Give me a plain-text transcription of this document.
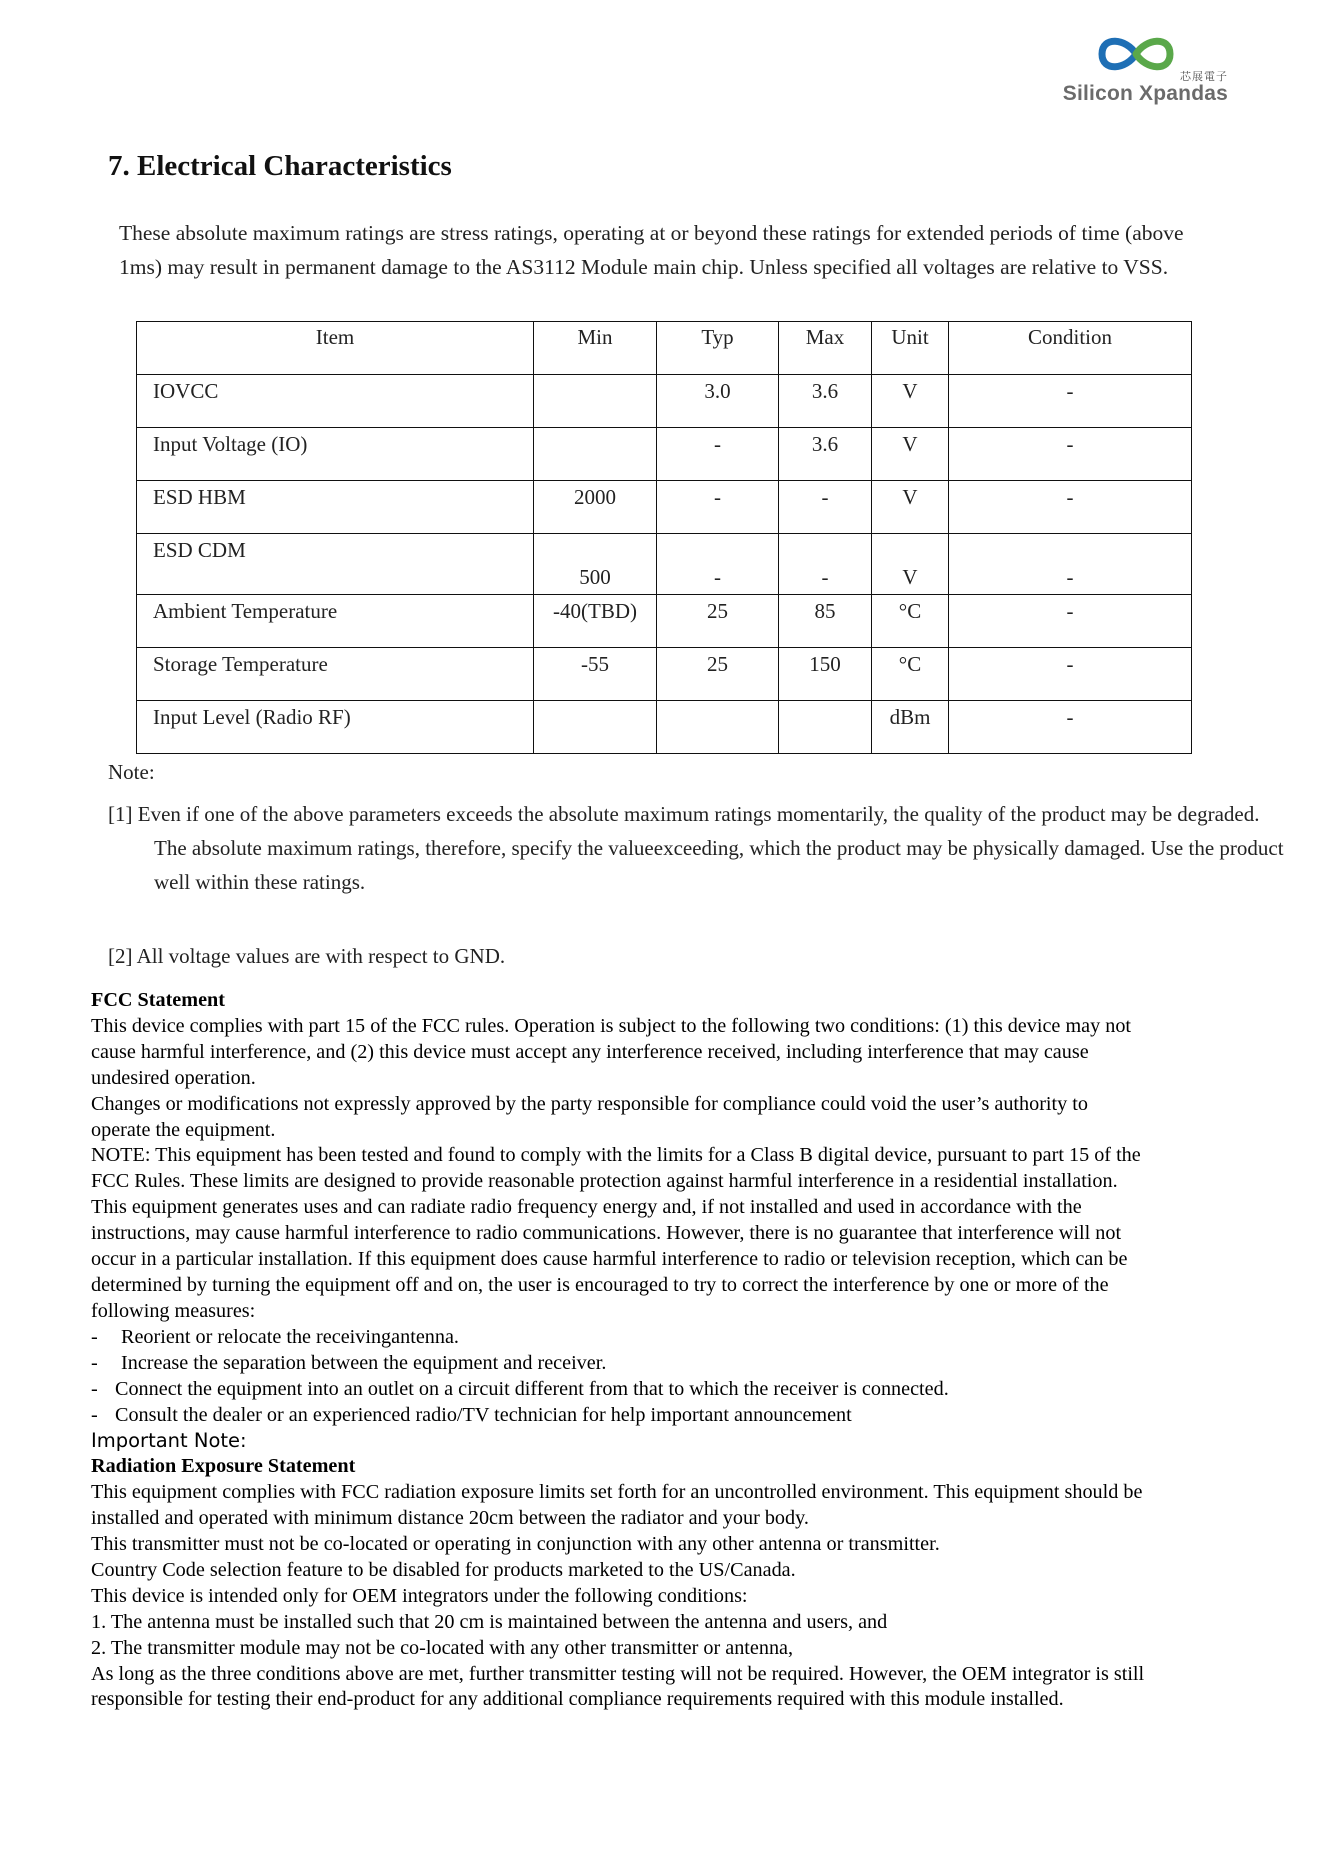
芯展電子
Silicon Xpandas
7. Electrical Characteristics

These absolute maximum ratings are stress ratings, operating at or beyond these ratings for extended periods of time (above 1ms) may result in permanent damage to the AS3112 Module main chip. Unless specified all voltages are relative to VSS.

Item	Min	Typ	Max	Unit	Condition
IOVCC		3.0	3.6	V	-
Input Voltage (IO)		-	3.6	V	-
ESD HBM	2000	-	-	V	-
ESD CDM	500	-	-	V	-
Ambient Temperature	-40(TBD)	25	85	°C	-
Storage Temperature	-55	25	150	°C	-
Input Level (Radio RF)				dBm	-

Note:

[1] Even if one of the above parameters exceeds the absolute maximum ratings momentarily, the quality of the product may be degraded. The absolute maximum ratings, therefore, specify the valueexceeding, which the product may be physically damaged. Use the product well within these ratings.

[2] All voltage values are with respect to GND.

FCC Statement

This device complies with part 15 of the FCC rules. Operation is subject to the following two conditions: (1) this device may not cause harmful interference, and (2) this device must accept any interference received, including interference that may cause undesired operation.

Changes or modifications not expressly approved by the party responsible for compliance could void the user’s authority to operate the equipment.

NOTE: This equipment has been tested and found to comply with the limits for a Class B digital device, pursuant to part 15 of the FCC Rules. These limits are designed to provide reasonable protection against harmful interference in a residential installation. This equipment generates uses and can radiate radio frequency energy and, if not installed and used in accordance with the instructions, may cause harmful interference to radio communications. However, there is no guarantee that interference will not occur in a particular installation. If this equipment does cause harmful interference to radio or television reception, which can be determined by turning the equipment off and on, the user is encouraged to try to correct the interference by one or more of the following measures:

- Reorient or relocate the receivingantenna.

- Increase the separation between the equipment and receiver.

- Connect the equipment into an outlet on a circuit different from that to which the receiver is connected.

- Consult the dealer or an experienced radio/TV technician for help important announcement

Important Note:

Radiation Exposure Statement

This equipment complies with FCC radiation exposure limits set forth for an uncontrolled environment. This equipment should be installed and operated with minimum distance 20cm between the radiator and your body.

This transmitter must not be co-located or operating in conjunction with any other antenna or transmitter.

Country Code selection feature to be disabled for products marketed to the US/Canada.

This device is intended only for OEM integrators under the following conditions:

1. The antenna must be installed such that 20 cm is maintained between the antenna and users, and

2. The transmitter module may not be co-located with any other transmitter or antenna,

As long as the three conditions above are met, further transmitter testing will not be required. However, the OEM integrator is still responsible for testing their end-product for any additional compliance requirements required with this module installed.
